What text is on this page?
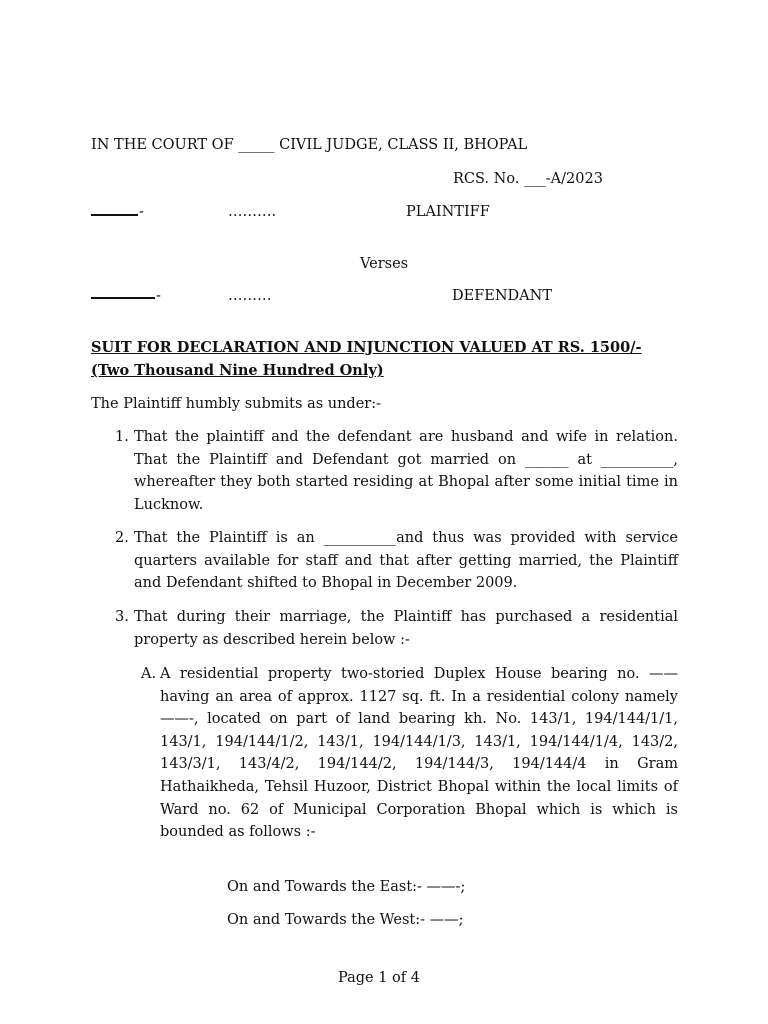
IN THE COURT OF _____ CIVIL JUDGE, CLASS II, BHOPAL

RCS. No. ___-A/2023

-	……….	PLAINTIFF

Verses

-	………	DEFENDANT

SUIT FOR DECLARATION AND INJUNCTION VALUED AT RS. 1500/-

(Two Thousand Nine Hundred Only)

The Plaintiff humbly submits as under:-

1. That the plaintiff and the defendant are husband and wife in relation. That the Plaintiff and Defendant got married on ______ at __________, whereafter they both started residing at Bhopal after some initial time in Lucknow.
2. That the Plaintiff is an __________and thus was provided with service quarters available for staff and that after getting married, the Plaintiff and Defendant shifted to Bhopal in December 2009.
3. That during their marriage, the Plaintiff has purchased a residential property as described herein below :-
A. A residential property two-storied Duplex House bearing no. —— having an area of approx. 1127 sq. ft. In a residential colony namely ——-, located on part of land bearing kh. No. 143/1, 194/144/1/1, 143/1, 194/144/1/2, 143/1, 194/144/1/3, 143/1, 194/144/1/4, 143/2, 143/3/1, 143/4/2, 194/144/2, 194/144/3, 194/144/4 in Gram Hathaikheda, Tehsil Huzoor, District Bhopal within the local limits of Ward no. 62 of Municipal Corporation Bhopal which is which is bounded as follows :-

On and Towards the East:- ——-;

On and Towards the West:- ——;

Page 1 of 4
